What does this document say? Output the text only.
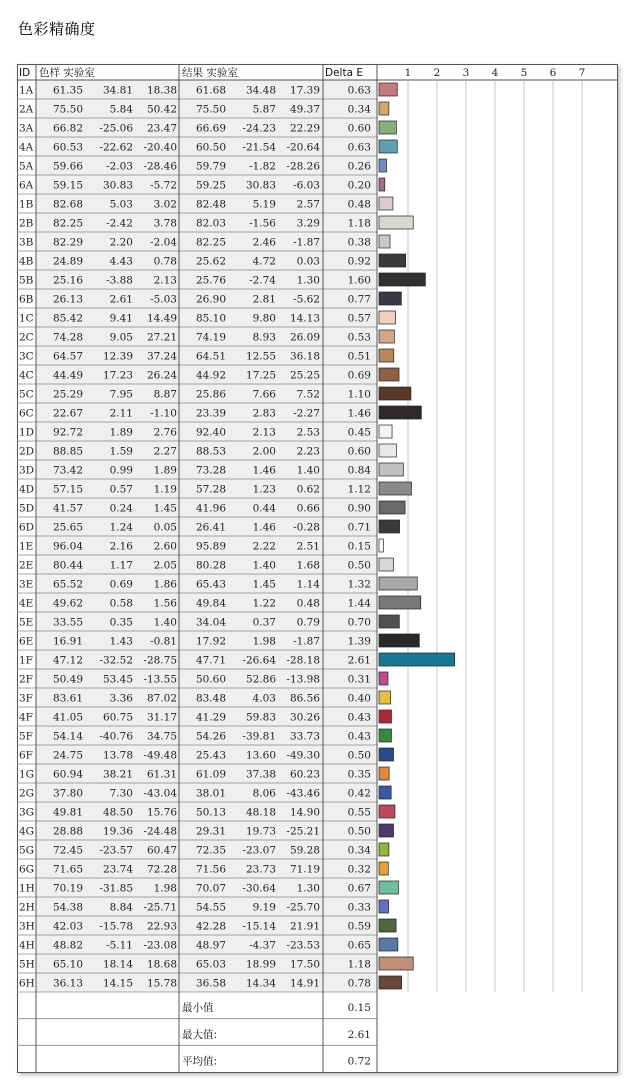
色彩精确度
1 2 3 4 5 6 7
ID 色样 实验室	结果 实验室	Delta E
1A 61.35 34.81 18.38 61.68 34.48 17.39	0.63
2A 75.50	5.84 50.42 75.50	5.87 49.37	0.34
3A 66.82 -25.06 23.47 66.69 -24.23 22.29	0.60
4A 60.53 -22.62 -20.40 60.50 -21.54 -20.64	0.63
5A 59.66 -2.03 -28.46 59.79 -1.82 -28.26	0.26
6A 59.15 30.83 -5.72 59.25 30.83 -6.03	0.20
1B 82.68	5.03 3.02 82.48	5.19 2.57	0.48
2B 82.25 -2.42 3.78 82.03 -1.56 3.29	1.18
3B 82.29	2.20 -2.04 82.25	2.46 -1.87	0.38
4B 24.89	4.43 0.78 25.62	4.72 0.03	0.92
5B 25.16 -3.88 2.13 25.76 -2.74 1.30	1.60
6B 26.13	2.61 -5.03 26.90	2.81 -5.62	0.77
1C 85.42	9.41 14.49 85.10	9.80 14.13	0.57
2C 74.28	9.05 27.21 74.19	8.93 26.09	0.53
3C 64.57 12.39 37.24 64.51 12.55 36.18	0.51
4C 44.49 17.23 26.24 44.92 17.25 25.25	0.69
5C 25.29	7.95 8.87 25.86	7.66 7.52	1.10
6C 22.67	2.11 -1.10 23.39	2.83 -2.27	1.46
1D 92.72	1.89 2.76 92.40	2.13 2.53	0.45
2D 88.85	1.59 2.27 88.53	2.00 2.23	0.60
3D 73.42	0.99 1.89 73.28	1.46 1.40	0.84
4D 57.15	0.57 1.19 57.28	1.23 0.62	1.12
5D 41.57	0.24 1.45 41.96	0.44 0.66	0.90
6D 25.65	1.24 0.05 26.41	1.46 -0.28	0.71
1E 96.04	2.16 2.60 95.89	2.22 2.51	0.15
2E 80.44	1.17 2.05 80.28	1.40 1.68	0.50
3E 65.52	0.69 1.86 65.43	1.45 1.14	1.32
4E 49.62	0.58 1.56 49.84	1.22 0.48	1.44
5E 33.55	0.35 1.40 34.04	0.37 0.79	0.70
6E 16.91	1.43 -0.81 17.92	1.98 -1.87	1.39
1F 47.12 -32.52 -28.75 47.71 -26.64 -28.18	2.61
2F 50.49 53.45 -13.55 50.60 52.86 -13.98	0.31
3F 83.61	3.36 87.02 83.48	4.03 86.56	0.40
4F 41.05 60.75 31.17 41.29 59.83 30.26	0.43
5F 54.14 -40.76 34.75 54.26 -39.81 33.73	0.43
6F 24.75 13.78 -49.48 25.43 13.60 -49.30	0.50
1G 60.94 38.21 61.31 61.09 37.38 60.23	0.35
2G 37.80	7.30 -43.04 38.01	8.06 -43.46	0.42
3G 49.81 48.50 15.76 50.13 48.18 14.90	0.55
4G 28.88 19.36 -24.48 29.31 19.73 -25.21	0.50
5G 72.45 -23.57 60.47 72.35 -23.07 59.28	0.34
6G 71.65 23.74 72.28 71.56 23.73 71.19	0.32
1H 70.19 -31.85 1.98 70.07 -30.64 1.30	0.67
2H 54.38	8.84 -25.71 54.55	9.19 -25.70	0.33
3H 42.03 -15.78 22.93 42.28 -15.14 21.91	0.59
4H 48.82 -5.11 -23.08 48.97 -4.37 -23.53	0.65
5H 65.10 18.14 18.68 65.03 18.99 17.50	1.18
6H 36.13 14.15 15.78 36.58 14.34 14.91	0.78
最小值	0.15
最大值:	2.61
平均值:	0.72
